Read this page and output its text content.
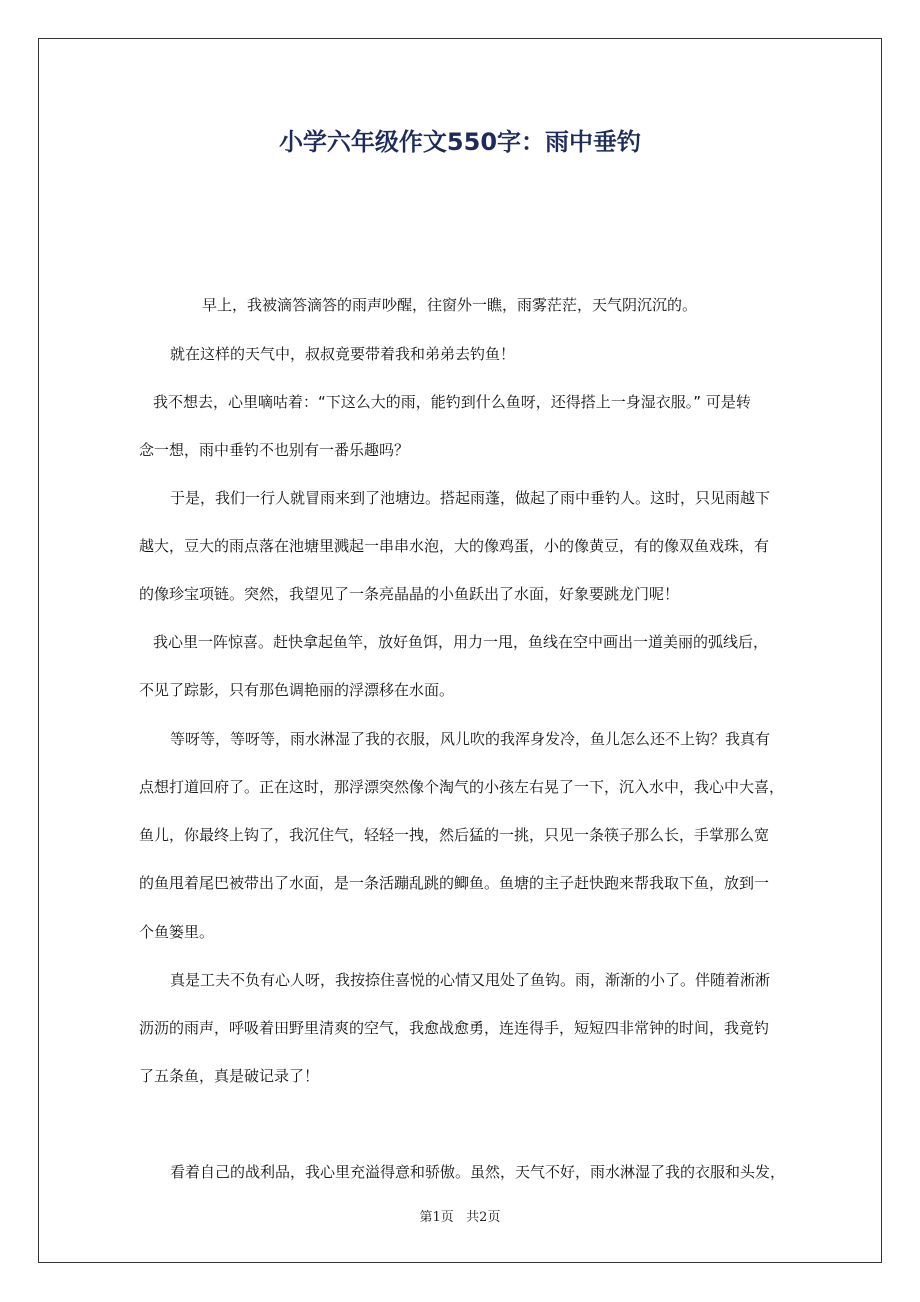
小学六年级作文550字：雨中垂钓
早上，我被滴答滴答的雨声吵醒，往窗外一瞧，雨雾茫茫，天气阴沉沉的。
就在这样的天气中，叔叔竟要带着我和弟弟去钓鱼！
我不想去，心里嘀咕着：“下这么大的雨，能钓到什么鱼呀，还得搭上一身湿衣服。” 可是转
念一想，雨中垂钓不也别有一番乐趣吗？
于是，我们一行人就冒雨来到了池塘边。搭起雨蓬，做起了雨中垂钓人。这时，只见雨越下
越大，豆大的雨点落在池塘里溅起一串串水泡，大的像鸡蛋，小的像黄豆，有的像双鱼戏珠，有
的像珍宝项链。突然，我望见了一条亮晶晶的小鱼跃出了水面，好象要跳龙门呢！
我心里一阵惊喜。赶快拿起鱼竿，放好鱼饵，用力一甩，鱼线在空中画出一道美丽的弧线后，
不见了踪影，只有那色调艳丽的浮漂移在水面。
等呀等，等呀等，雨水淋湿了我的衣服，风儿吹的我浑身发冷，鱼儿怎么还不上钩？我真有
点想打道回府了。正在这时，那浮漂突然像个淘气的小孩左右晃了一下，沉入水中，我心中大喜，
鱼儿，你最终上钩了，我沉住气，轻轻一拽，然后猛的一挑，只见一条筷子那么长，手掌那么宽
的鱼甩着尾巴被带出了水面，是一条活蹦乱跳的鲫鱼。鱼塘的主子赶快跑来帮我取下鱼，放到一
个鱼篓里。
真是工夫不负有心人呀，我按捺住喜悦的心情又甩处了鱼钩。雨，渐渐的小了。伴随着淅淅
沥沥的雨声，呼吸着田野里清爽的空气，我愈战愈勇，连连得手，短短四非常钟的时间，我竟钓
了五条鱼，真是破记录了！
看着自己的战利品，我心里充溢得意和骄傲。虽然，天气不好，雨水淋湿了我的衣服和头发，
第1页   共2页
